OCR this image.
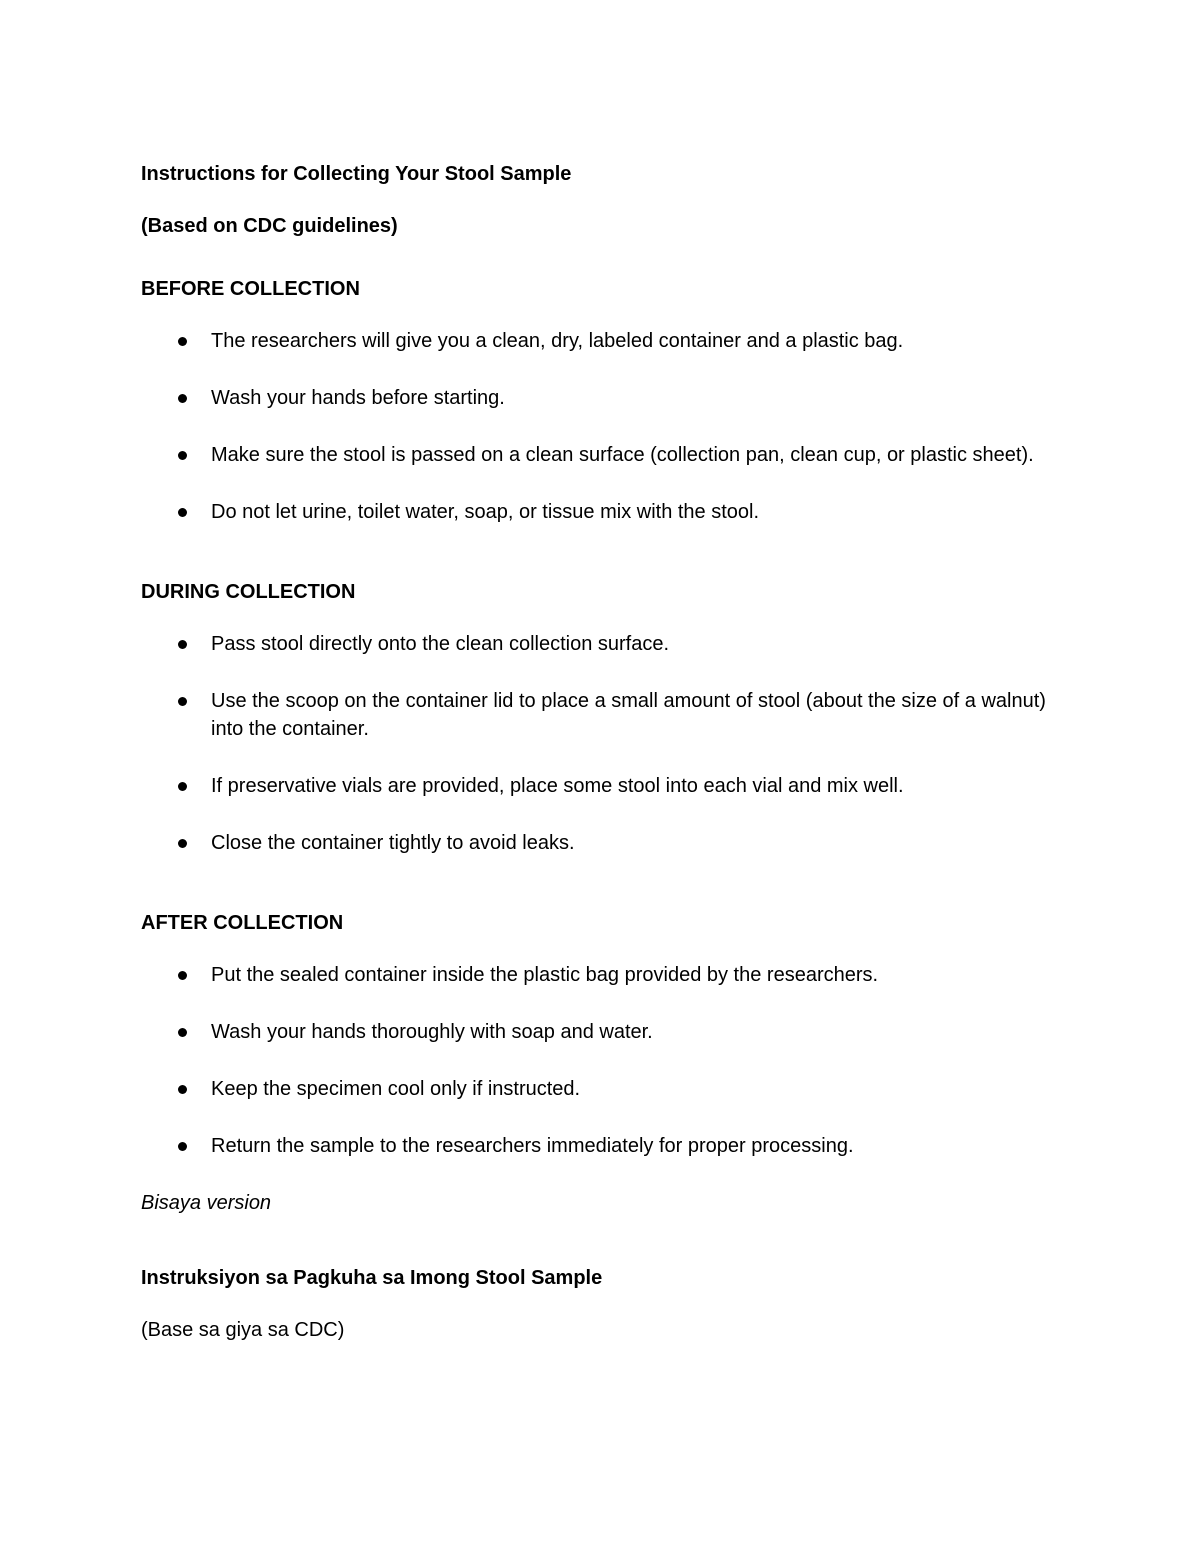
Instructions for Collecting Your Stool Sample
(Based on CDC guidelines)
BEFORE COLLECTION
The researchers will give you a clean, dry, labeled container and a plastic bag.
Wash your hands before starting.
Make sure the stool is passed on a clean surface (collection pan, clean cup, or plastic sheet).
Do not let urine, toilet water, soap, or tissue mix with the stool.
DURING COLLECTION
Pass stool directly onto the clean collection surface.
Use the scoop on the container lid to place a small amount of stool (about the size of a walnut) into the container.
If preservative vials are provided, place some stool into each vial and mix well.
Close the container tightly to avoid leaks.
AFTER COLLECTION
Put the sealed container inside the plastic bag provided by the researchers.
Wash your hands thoroughly with soap and water.
Keep the specimen cool only if instructed.
Return the sample to the researchers immediately for proper processing.
Bisaya version
Instruksiyon sa Pagkuha sa Imong Stool Sample
(Base sa giya sa CDC)
